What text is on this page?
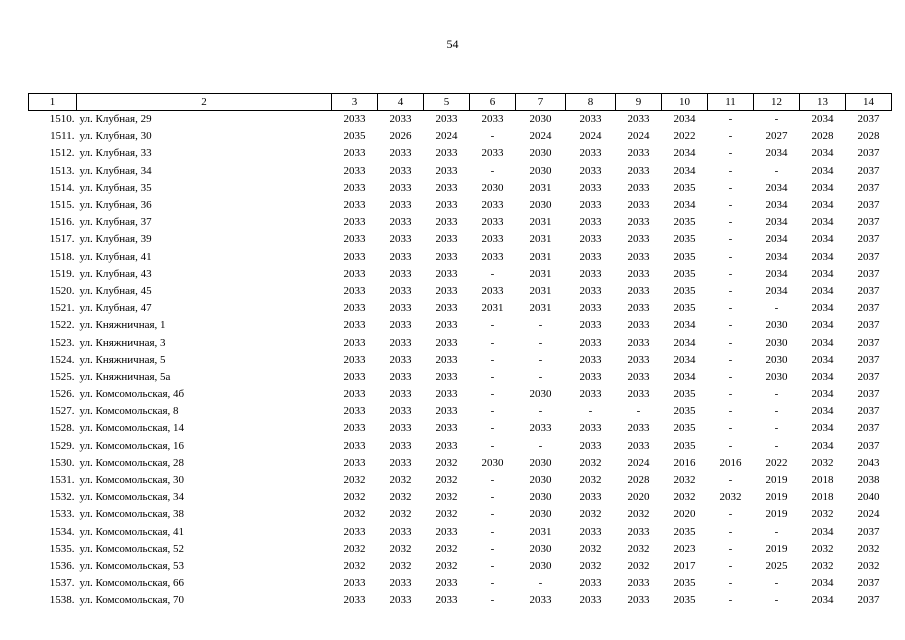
54
1	2	3	4	5	6	7	8	9	10	11	12	13	14
1510.	ул. Клубная, 29	2033	2033	2033	2033	2030	2033	2033	2034	-	-	2034	2037
1511.	ул. Клубная, 30	2035	2026	2024	-	2024	2024	2024	2022	-	2027	2028	2028
1512.	ул. Клубная, 33	2033	2033	2033	2033	2030	2033	2033	2034	-	2034	2034	2037
1513.	ул. Клубная, 34	2033	2033	2033	-	2030	2033	2033	2034	-	-	2034	2037
1514.	ул. Клубная, 35	2033	2033	2033	2030	2031	2033	2033	2035	-	2034	2034	2037
1515.	ул. Клубная, 36	2033	2033	2033	2033	2030	2033	2033	2034	-	2034	2034	2037
1516.	ул. Клубная, 37	2033	2033	2033	2033	2031	2033	2033	2035	-	2034	2034	2037
1517.	ул. Клубная, 39	2033	2033	2033	2033	2031	2033	2033	2035	-	2034	2034	2037
1518.	ул. Клубная, 41	2033	2033	2033	2033	2031	2033	2033	2035	-	2034	2034	2037
1519.	ул. Клубная, 43	2033	2033	2033	-	2031	2033	2033	2035	-	2034	2034	2037
1520.	ул. Клубная, 45	2033	2033	2033	2033	2031	2033	2033	2035	-	2034	2034	2037
1521.	ул. Клубная, 47	2033	2033	2033	2031	2031	2033	2033	2035	-	-	2034	2037
1522.	ул. Княжничная, 1	2033	2033	2033	-	-	2033	2033	2034	-	2030	2034	2037
1523.	ул. Княжничная, 3	2033	2033	2033	-	-	2033	2033	2034	-	2030	2034	2037
1524.	ул. Княжничная, 5	2033	2033	2033	-	-	2033	2033	2034	-	2030	2034	2037
1525.	ул. Княжничная, 5а	2033	2033	2033	-	-	2033	2033	2034	-	2030	2034	2037
1526.	ул. Комсомольская, 4б	2033	2033	2033	-	2030	2033	2033	2035	-	-	2034	2037
1527.	ул. Комсомольская, 8	2033	2033	2033	-	-	-	-	2035	-	-	2034	2037
1528.	ул. Комсомольская, 14	2033	2033	2033	-	2033	2033	2033	2035	-	-	2034	2037
1529.	ул. Комсомольская, 16	2033	2033	2033	-	-	2033	2033	2035	-	-	2034	2037
1530.	ул. Комсомольская, 28	2033	2033	2032	2030	2030	2032	2024	2016	2016	2022	2032	2043
1531.	ул. Комсомольская, 30	2032	2032	2032	-	2030	2032	2028	2032	-	2019	2018	2038
1532.	ул. Комсомольская, 34	2032	2032	2032	-	2030	2033	2020	2032	2032	2019	2018	2040
1533.	ул. Комсомольская, 38	2032	2032	2032	-	2030	2032	2032	2020	-	2019	2032	2024
1534.	ул. Комсомольская, 41	2033	2033	2033	-	2031	2033	2033	2035	-	-	2034	2037
1535.	ул. Комсомольская, 52	2032	2032	2032	-	2030	2032	2032	2023	-	2019	2032	2032
1536.	ул. Комсомольская, 53	2032	2032	2032	-	2030	2032	2032	2017	-	2025	2032	2032
1537.	ул. Комсомольская, 66	2033	2033	2033	-	-	2033	2033	2035	-	-	2034	2037
1538.	ул. Комсомольская, 70	2033	2033	2033	-	2033	2033	2033	2035	-	-	2034	2037
